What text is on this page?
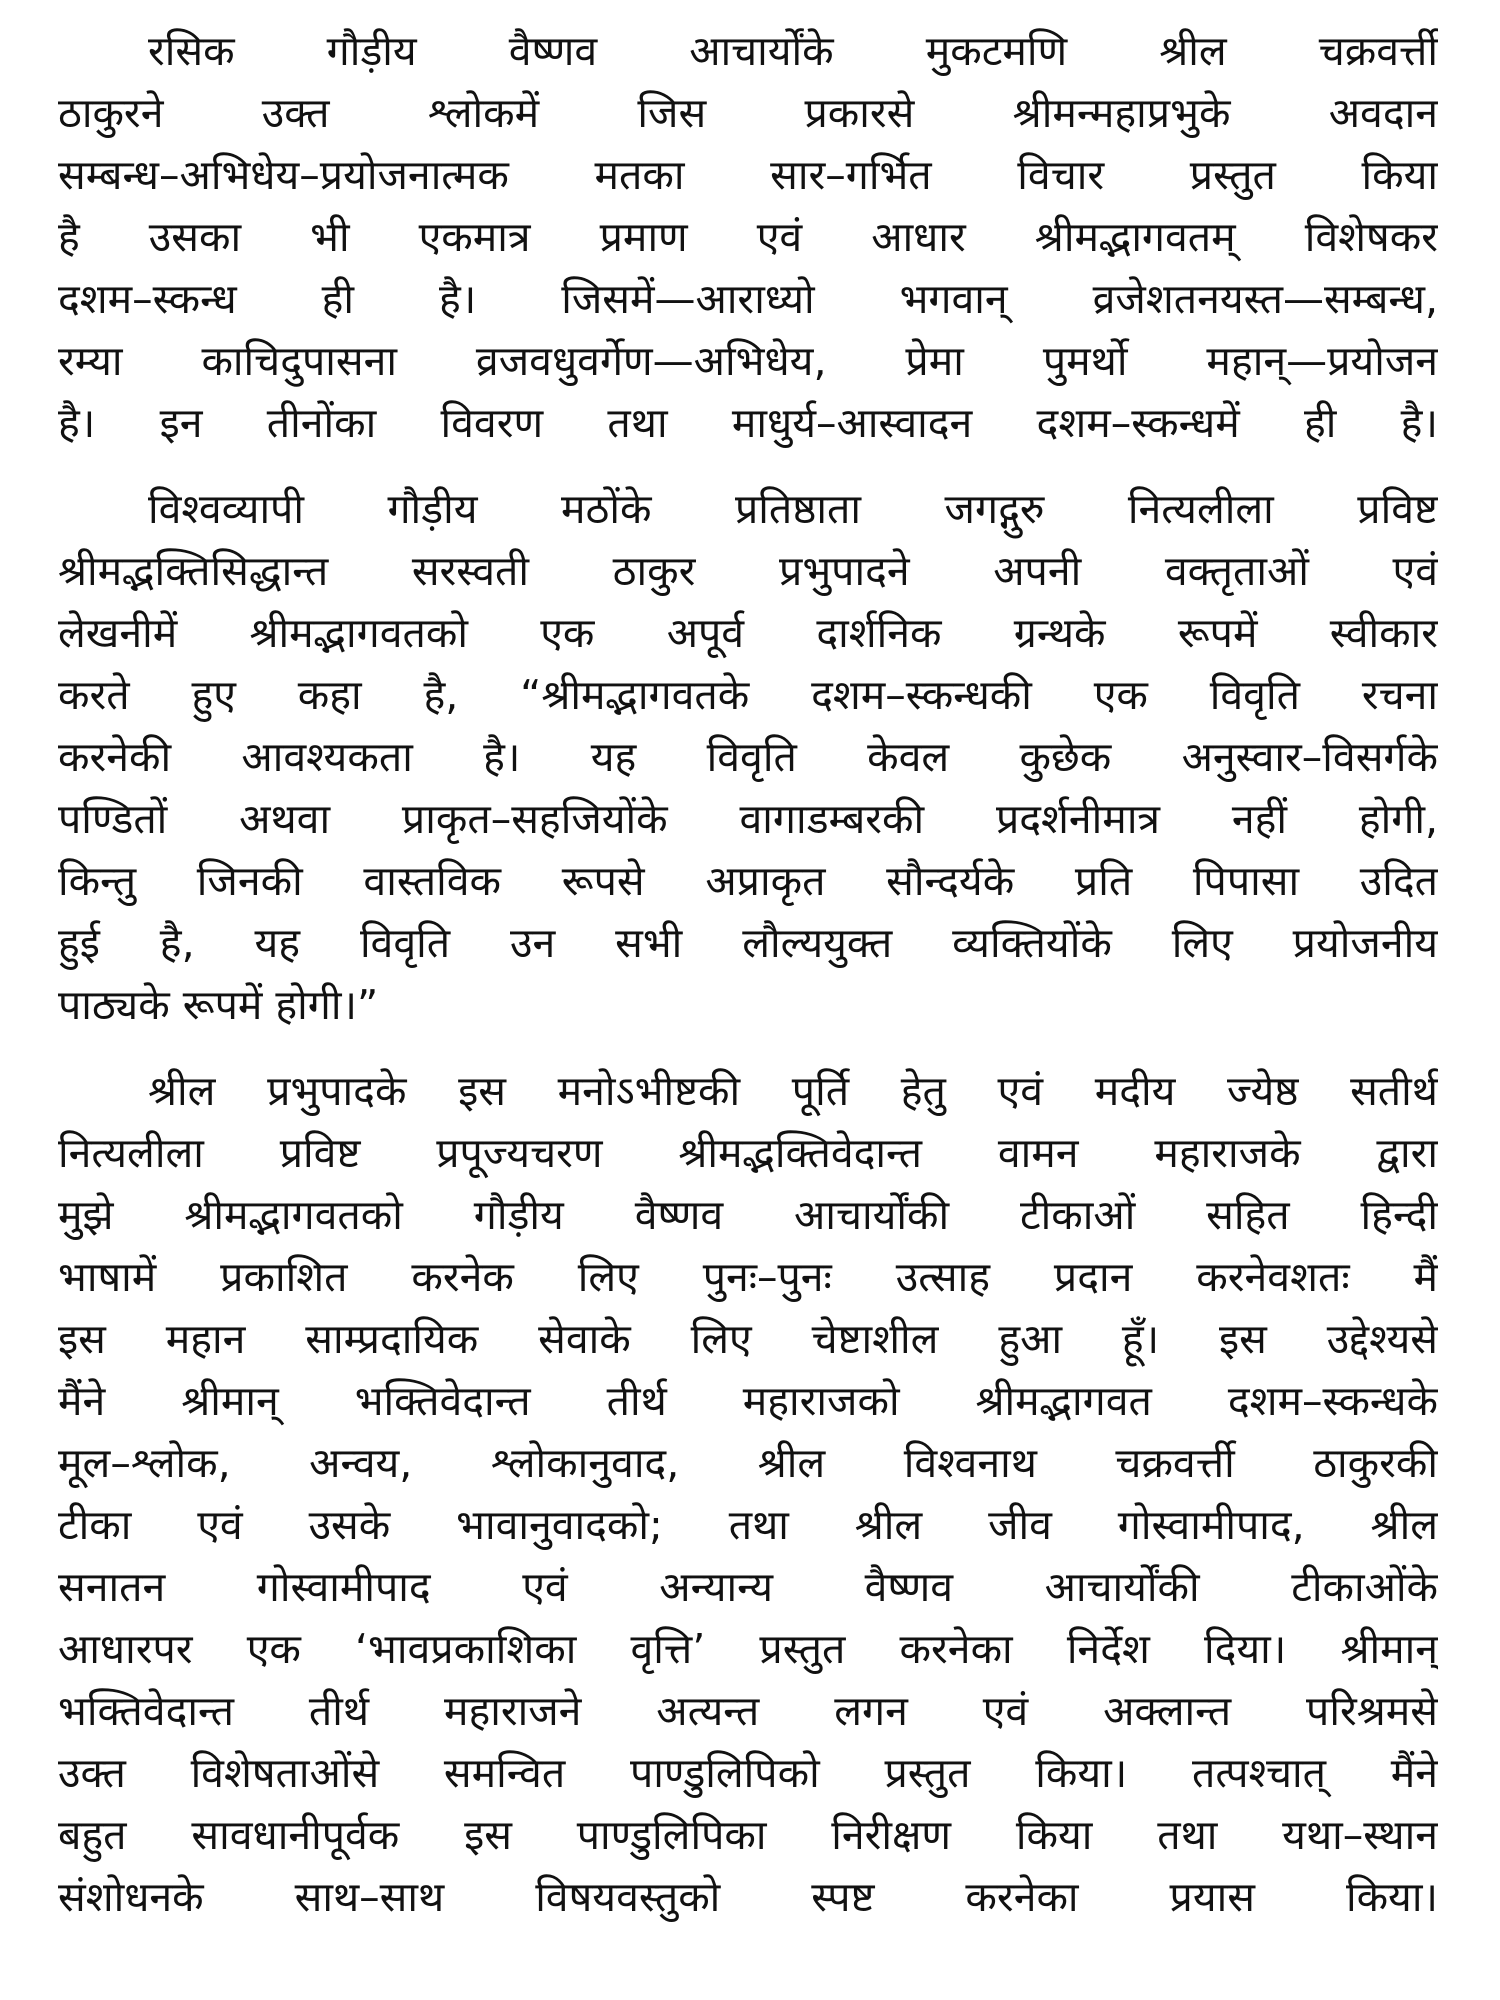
रसिक गौड़ीय वैष्णव आचार्योंके मुकटमणि श्रील चक्रवर्त्ती
ठाकुरने उक्त श्लोकमें जिस प्रकारसे श्रीमन्महाप्रभुके अवदान
सम्बन्ध–अभिधेय–प्रयोजनात्मक मतका सार–गर्भित विचार प्रस्तुत किया
है उसका भी एकमात्र प्रमाण एवं आधार श्रीमद्भागवतम् विशेषकर
दशम–स्कन्ध ही है। जिसमें—आराध्यो भगवान् व्रजेशतनयस्त—सम्बन्ध,
रम्या काचिदुपासना व्रजवधुवर्गेण—अभिधेय, प्रेमा पुमर्थो महान्—प्रयोजन
है। इन तीनोंका विवरण तथा माधुर्य–आस्वादन दशम–स्कन्धमें ही है।
विश्वव्यापी गौड़ीय मठोंके प्रतिष्ठाता जगद्गुरु नित्यलीला प्रविष्ट
श्रीमद्भक्तिसिद्धान्त सरस्वती ठाकुर प्रभुपादने अपनी वक्तृताओं एवं
लेखनीमें श्रीमद्भागवतको एक अपूर्व दार्शनिक ग्रन्थके रूपमें स्वीकार
करते हुए कहा है, “श्रीमद्भागवतके दशम–स्कन्धकी एक विवृति रचना
करनेकी आवश्यकता है। यह विवृति केवल कुछेक अनुस्वार–विसर्गके
पण्डितों अथवा प्राकृत–सहजियोंके वागाडम्बरकी प्रदर्शनीमात्र नहीं होगी,
किन्तु जिनकी वास्तविक रूपसे अप्राकृत सौन्दर्यके प्रति पिपासा उदित
हुई है, यह विवृति उन सभी लौल्ययुक्त व्यक्तियोंके लिए प्रयोजनीय
पाठ्यके रूपमें होगी।”
श्रील प्रभुपादके इस मनोऽभीष्टकी पूर्ति हेतु एवं मदीय ज्येष्ठ सतीर्थ
नित्यलीला प्रविष्ट प्रपूज्यचरण श्रीमद्भक्तिवेदान्त वामन महाराजके द्वारा
मुझे श्रीमद्भागवतको गौड़ीय वैष्णव आचार्योंकी टीकाओं सहित हिन्दी
भाषामें प्रकाशित करनेक लिए पुनः–पुनः उत्साह प्रदान करनेवशतः मैं
इस महान साम्प्रदायिक सेवाके लिए चेष्टाशील हुआ हूँ। इस उद्देश्यसे
मैंने श्रीमान् भक्तिवेदान्त तीर्थ महाराजको श्रीमद्भागवत दशम–स्कन्धके
मूल–श्लोक, अन्वय, श्लोकानुवाद, श्रील विश्वनाथ चक्रवर्त्ती ठाकुरकी
टीका एवं उसके भावानुवादको; तथा श्रील जीव गोस्वामीपाद, श्रील
सनातन गोस्वामीपाद एवं अन्यान्य वैष्णव आचार्योंकी टीकाओंके
आधारपर एक ‘भावप्रकाशिका वृत्ति’ प्रस्तुत करनेका निर्देश दिया। श्रीमान्
भक्तिवेदान्त तीर्थ महाराजने अत्यन्त लगन एवं अक्लान्त परिश्रमसे
उक्त विशेषताओंसे समन्वित पाण्डुलिपिको प्रस्तुत किया। तत्पश्चात् मैंने
बहुत सावधानीपूर्वक इस पाण्डुलिपिका निरीक्षण किया तथा यथा–स्थान
संशोधनके साथ–साथ विषयवस्तुको स्पष्ट करनेका प्रयास किया।
